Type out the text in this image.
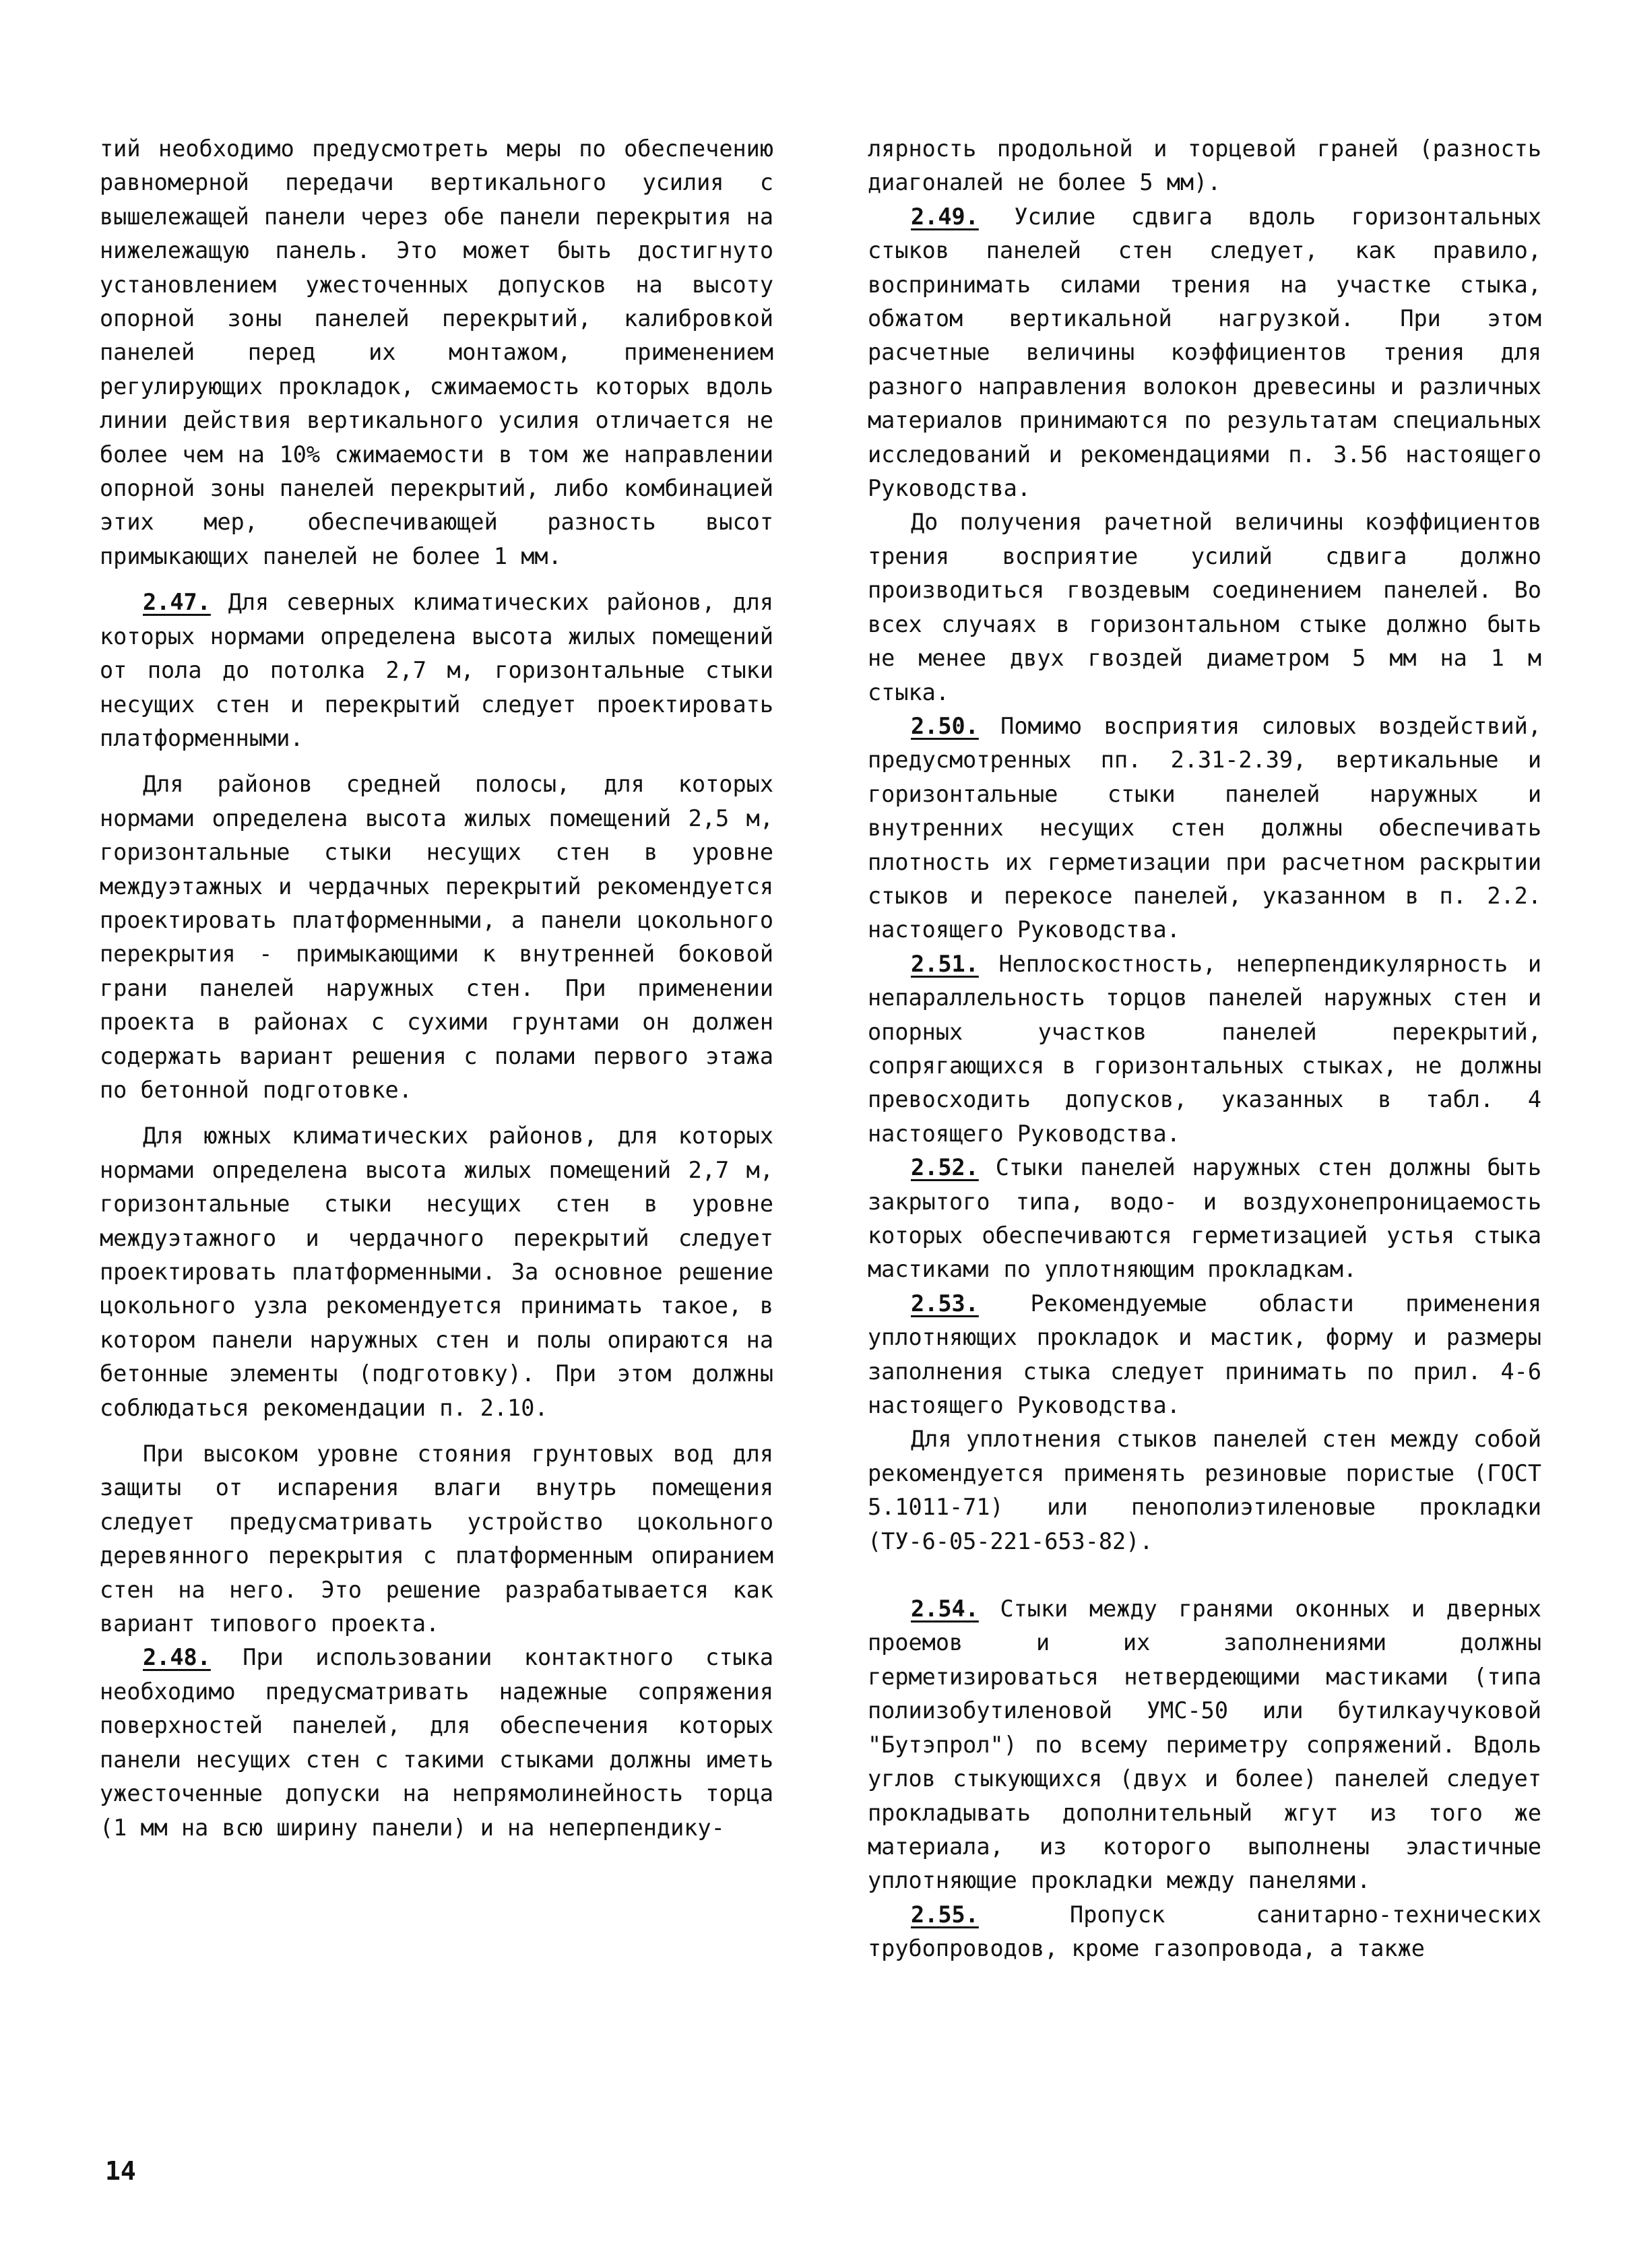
тий необходимо предусмотреть меры по обеспечению равномерной передачи вертикального усилия с вышележащей панели через обе панели перекрытия на нижележащую панель. Это может быть достигнуто установлением ужесточенных допусков на высоту опорной зоны панелей перекрытий, калибровкой панелей перед их монтажом, применением регулирующих прокладок, сжимаемость которых вдоль линии действия вертикального усилия отличается не более чем на 10% сжимаемости в том же направлении опорной зоны панелей перекрытий, либо комбинацией этих мер, обеспечивающей разность высот примыкающих панелей не более 1 мм.

2.47. Для северных климатических районов, для которых нормами определена высота жилых помещений от пола до потолка 2,7 м, горизонтальные стыки несущих стен и перекрытий следует проектировать платформенными.

Для районов средней полосы, для которых нормами определена высота жилых помещений 2,5 м, горизонтальные стыки несущих стен в уровне междуэтажных и чердачных перекрытий рекомендуется проектировать платформенными, а панели цокольного перекрытия - примыкающими к внутренней боковой грани панелей наружных стен. При применении проекта в районах с сухими грунтами он должен содержать вариант решения с полами первого этажа по бетонной подготовке.

Для южных климатических районов, для которых нормами определена высота жилых помещений 2,7 м, горизонтальные стыки несущих стен в уровне междуэтажного и чердачного перекрытий следует проектировать платформенными. За основное решение цокольного узла рекомендуется принимать такое, в котором панели наружных стен и полы опираются на бетонные элементы (подготовку). При этом должны соблюдаться рекомендации п. 2.10.

При высоком уровне стояния грунтовых вод для защиты от испарения влаги внутрь помещения следует предусматривать устройство цокольного деревянного перекрытия с платформенным опиранием стен на него. Это решение разрабатывается как вариант типового проекта.

2.48. При использовании контактного стыка необходимо предусматривать надежные сопряжения поверхностей панелей, для обеспечения которых панели несущих стен с такими стыками должны иметь ужесточенные допуски на непрямолинейность торца (1 мм на всю ширину панели) и на неперпендику-

лярность продольной и торцевой граней (разность диагоналей не более 5 мм).

2.49. Усилие сдвига вдоль горизонтальных стыков панелей стен следует, как правило, воспринимать силами трения на участке стыка, обжатом вертикальной нагрузкой. При этом расчетные величины коэффициентов трения для разного направления волокон древесины и различных материалов принимаются по результатам специальных исследований и рекомендациями п. 3.56 настоящего Руководства.

До получения рачетной величины коэффициентов трения восприятие усилий сдвига должно производиться гвоздевым соединением панелей. Во всех случаях в горизонтальном стыке должно быть не менее двух гвоздей диаметром 5 мм на 1 м стыка.

2.50. Помимо восприятия силовых воздействий, предусмотренных пп. 2.31-2.39, вертикальные и горизонтальные стыки панелей наружных и внутренних несущих стен должны обеспечивать плотность их герметизации при расчетном раскрытии стыков и перекосе панелей, указанном в п. 2.2. настоящего Руководства.

2.51. Неплоскостность, неперпендикулярность и непараллельность торцов панелей наружных стен и опорных участков панелей перекрытий, сопрягающихся в горизонтальных стыках, не должны превосходить допусков, указанных в табл. 4 настоящего Руководства.

2.52. Стыки панелей наружных стен должны быть закрытого типа, водо- и воздухонепроницаемость которых обеспечиваются герметизацией устья стыка мастиками по уплотняющим прокладкам.

2.53. Рекомендуемые области применения уплотняющих прокладок и мастик, форму и размеры заполнения стыка следует принимать по прил. 4-6 настоящего Руководства.

Для уплотнения стыков панелей стен между собой рекомендуется применять резиновые пористые (ГОСТ 5.1011-71) или пенополиэтиленовые прокладки (ТУ-6-05-221-653-82).

2.54. Стыки между гранями оконных и дверных проемов и их заполнениями должны герметизироваться нетвердеющими мастиками (типа полиизобутиленовой УМС-50 или бутилкаучуковой "Бутэпрол") по всему периметру сопряжений. Вдоль углов стыкующихся (двух и более) панелей следует прокладывать дополнительный жгут из того же материала, из которого выполнены эластичные уплотняющие прокладки между панелями.

2.55. Пропуск санитарно-технических трубопроводов, кроме газопровода, а также

14
